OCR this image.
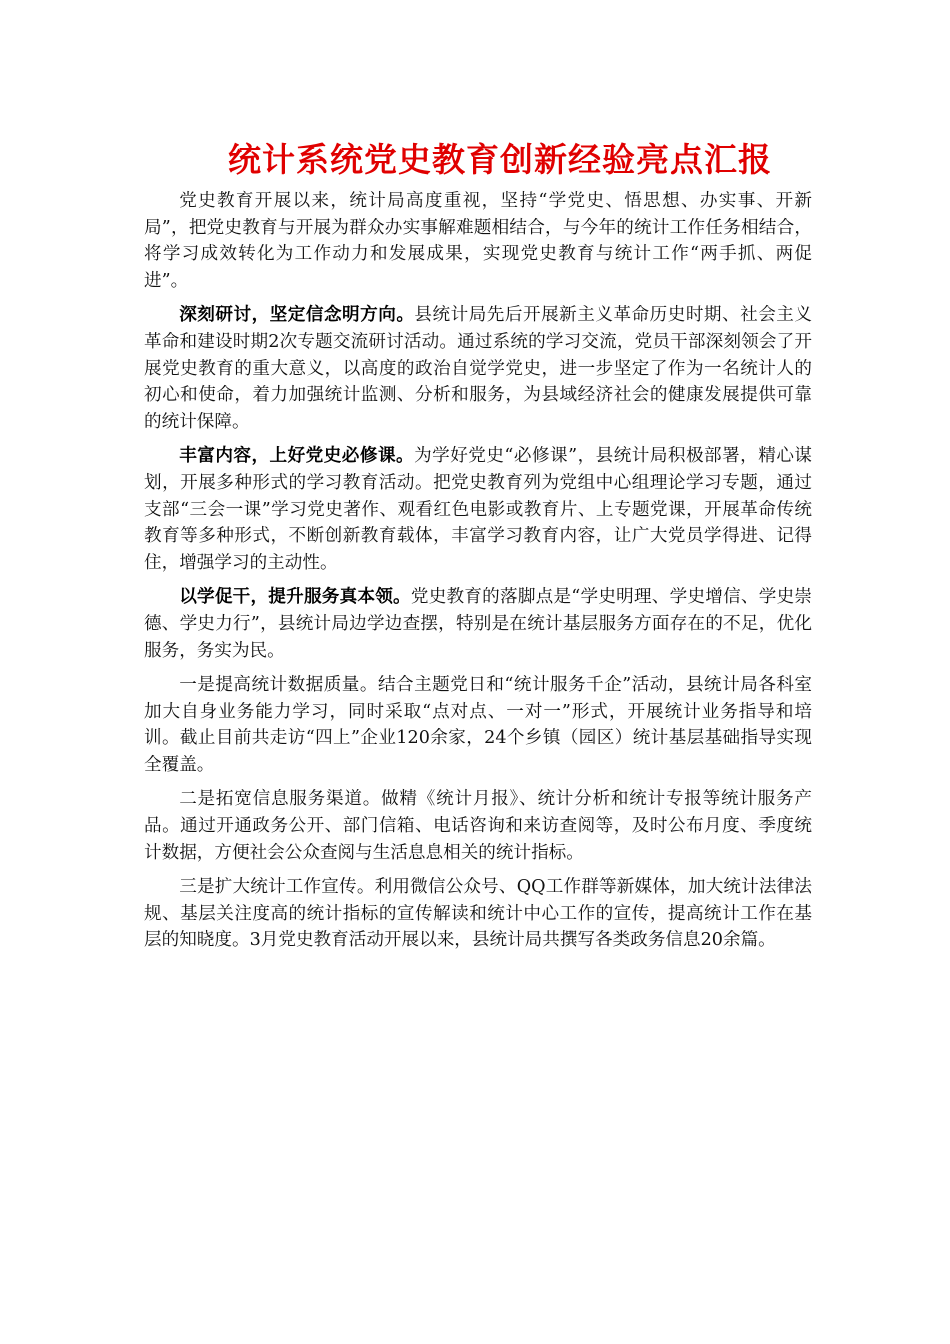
统计系统党史教育创新经验亮点汇报

党史教育开展以来，统计局高度重视，坚持“学党史、悟思想、办实事、开新局”，把党史教育与开展为群众办实事解难题相结合，与今年的统计工作任务相结合，将学习成效转化为工作动力和发展成果，实现党史教育与统计工作“两手抓、两促进”。

深刻研讨，坚定信念明方向。县统计局先后开展新主义革命历史时期、社会主义革命和建设时期2次专题交流研讨活动。通过系统的学习交流，党员干部深刻领会了开展党史教育的重大意义，以高度的政治自觉学党史，进一步坚定了作为一名统计人的初心和使命，着力加强统计监测、分析和服务，为县域经济社会的健康发展提供可靠的统计保障。

丰富内容，上好党史必修课。为学好党史“必修课”，县统计局积极部署，精心谋划，开展多种形式的学习教育活动。把党史教育列为党组中心组理论学习专题，通过支部“三会一课”学习党史著作、观看红色电影或教育片、上专题党课，开展革命传统教育等多种形式，不断创新教育载体，丰富学习教育内容，让广大党员学得进、记得住，增强学习的主动性。

以学促干，提升服务真本领。党史教育的落脚点是“学史明理、学史增信、学史崇德、学史力行”，县统计局边学边查摆，特别是在统计基层服务方面存在的不足，优化服务，务实为民。

一是提高统计数据质量。结合主题党日和“统计服务千企”活动，县统计局各科室加大自身业务能力学习，同时采取“点对点、一对一”形式，开展统计业务指导和培训。截止目前共走访“四上”企业120余家，24个乡镇（园区）统计基层基础指导实现全覆盖。

二是拓宽信息服务渠道。做精《统计月报》、统计分析和统计专报等统计服务产品。通过开通政务公开、部门信箱、电话咨询和来访查阅等，及时公布月度、季度统计数据，方便社会公众查阅与生活息息相关的统计指标。

三是扩大统计工作宣传。利用微信公众号、QQ工作群等新媒体，加大统计法律法规、基层关注度高的统计指标的宣传解读和统计中心工作的宣传，提高统计工作在基层的知晓度。3月党史教育活动开展以来，县统计局共撰写各类政务信息20余篇。
